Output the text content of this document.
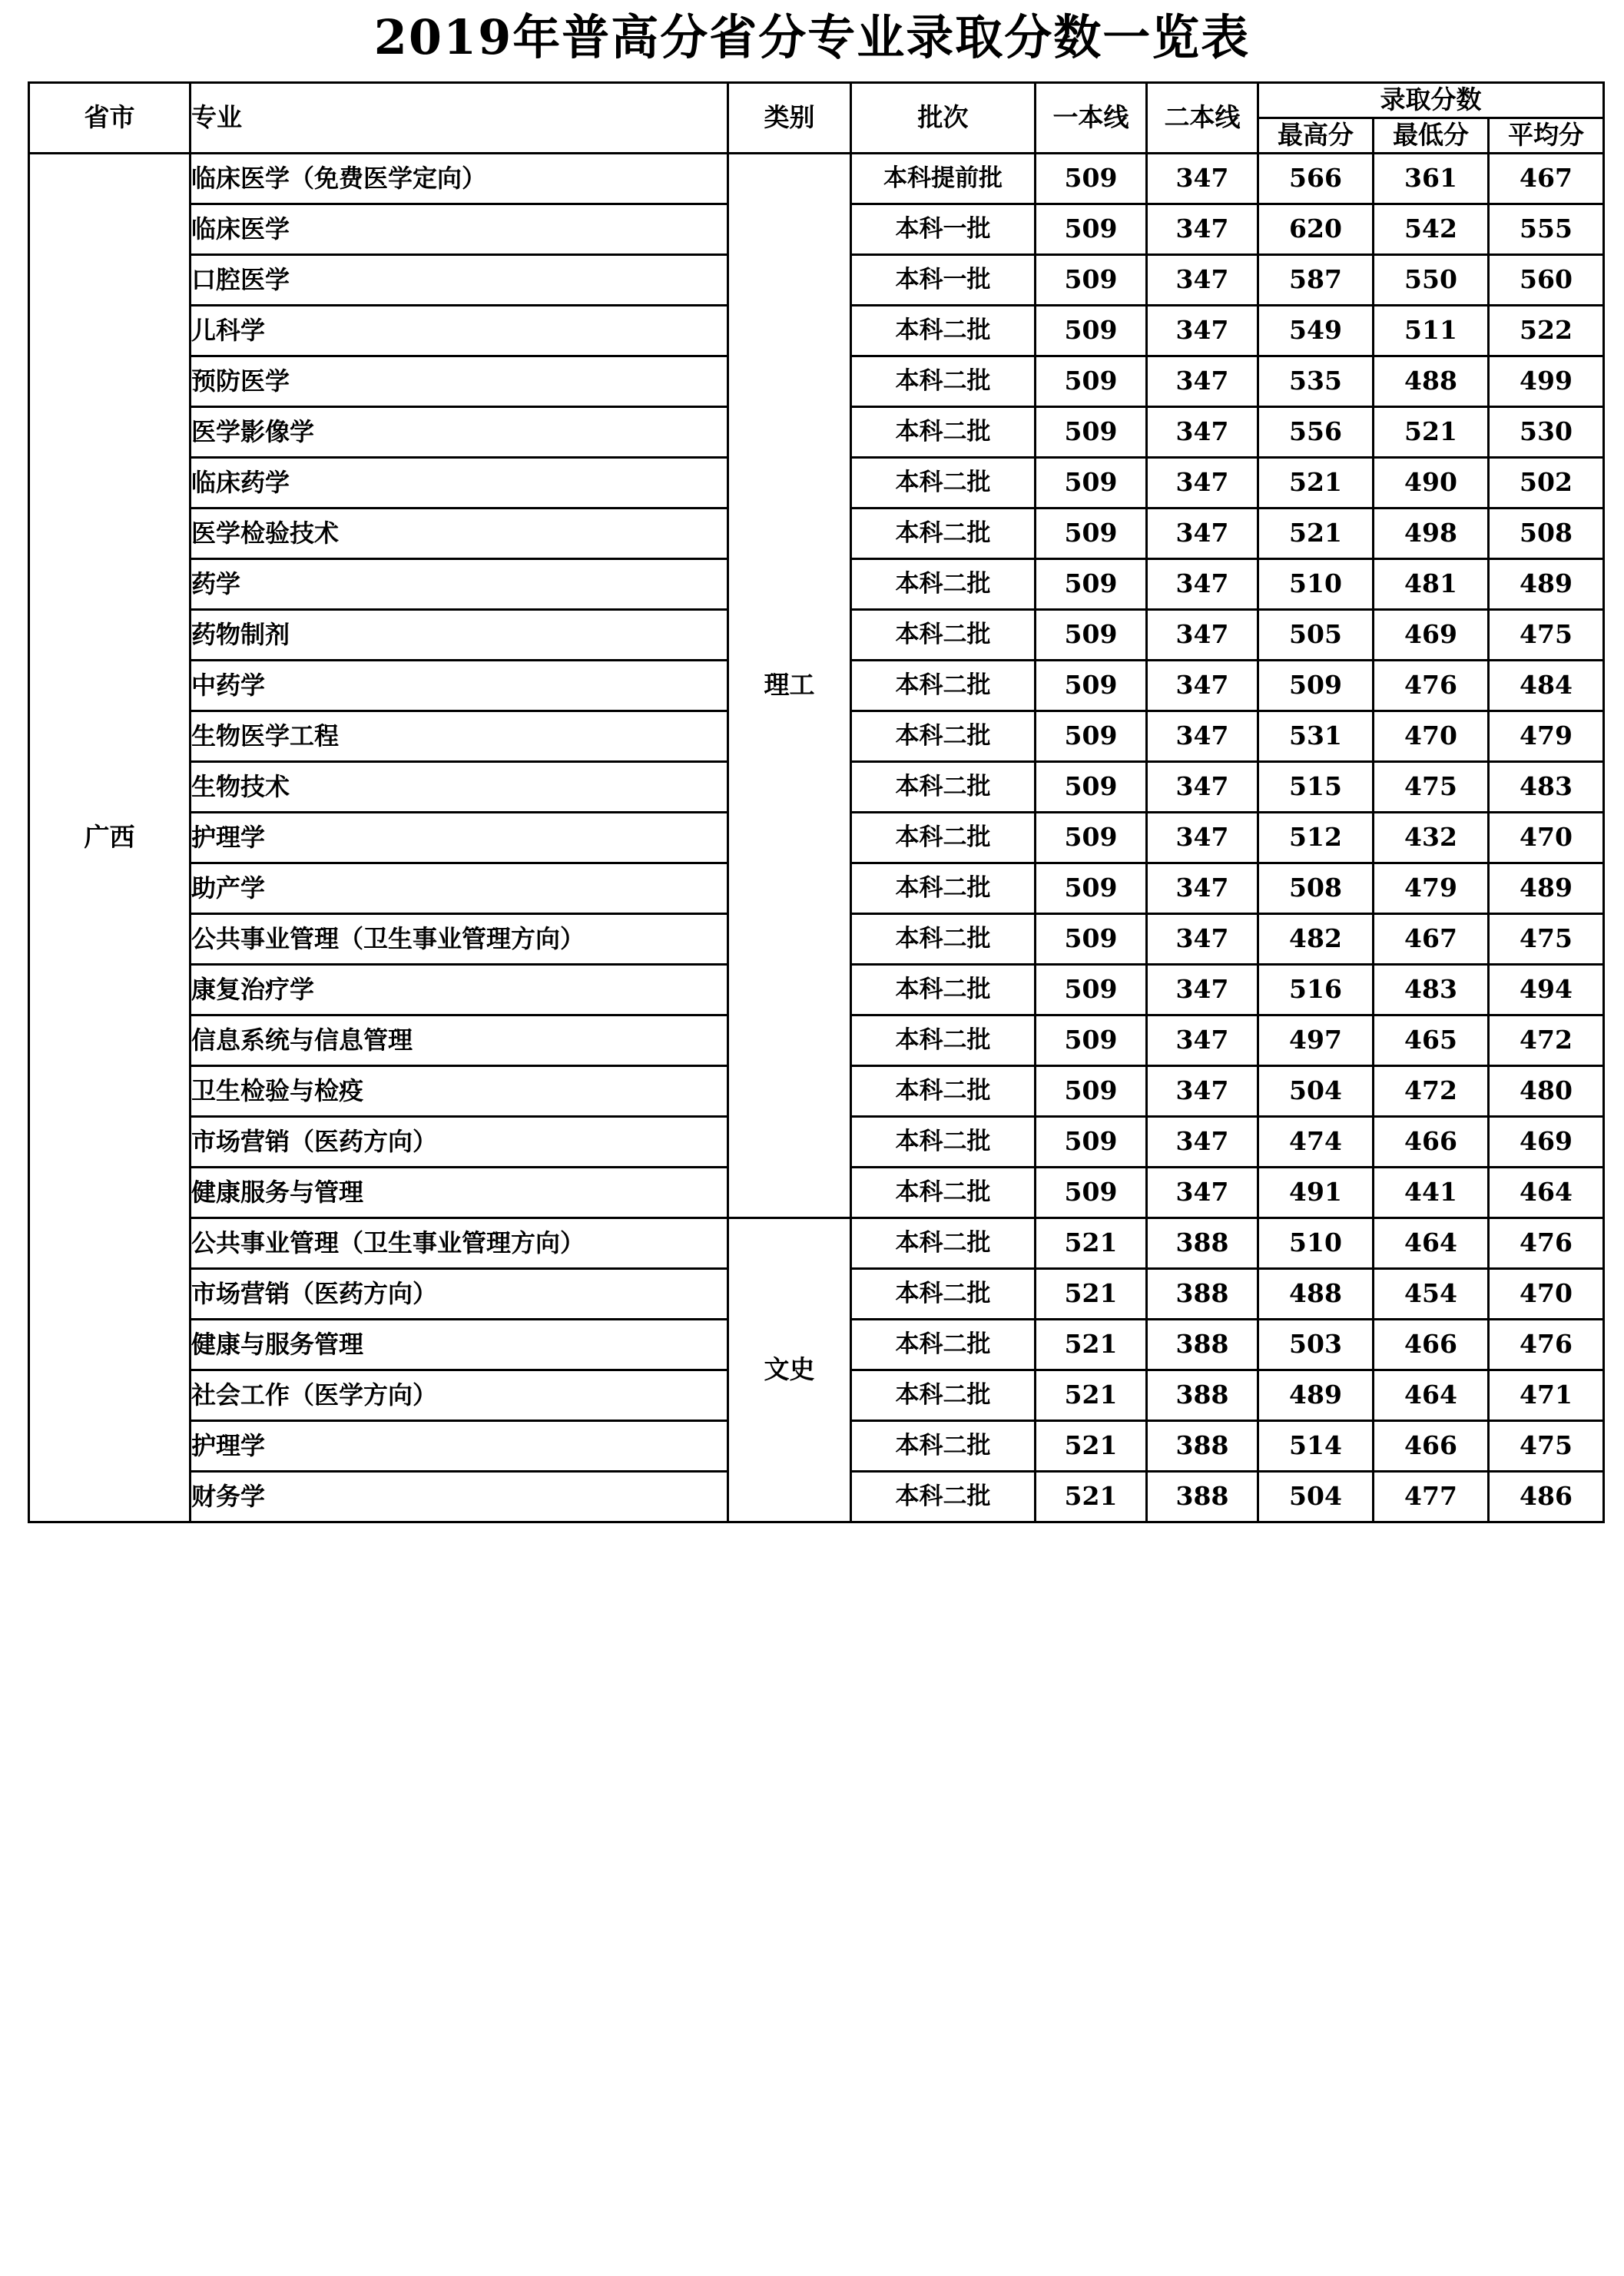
2019年普高分省分专业录取分数一览表
省市	专业	类别	批次	一本线	二本线	录取分数		
						最高分	最低分	平均分
广西	临床医学（免费医学定向）	理工	本科提前批	509	347	566	361	467
	临床医学		本科一批	509	347	620	542	555
	口腔医学		本科一批	509	347	587	550	560
	儿科学		本科二批	509	347	549	511	522
	预防医学		本科二批	509	347	535	488	499
	医学影像学		本科二批	509	347	556	521	530
	临床药学		本科二批	509	347	521	490	502
	医学检验技术		本科二批	509	347	521	498	508
	药学		本科二批	509	347	510	481	489
	药物制剂		本科二批	509	347	505	469	475
	中药学		本科二批	509	347	509	476	484
	生物医学工程		本科二批	509	347	531	470	479
	生物技术		本科二批	509	347	515	475	483
	护理学		本科二批	509	347	512	432	470
	助产学		本科二批	509	347	508	479	489
	公共事业管理（卫生事业管理方向）		本科二批	509	347	482	467	475
	康复治疗学		本科二批	509	347	516	483	494
	信息系统与信息管理		本科二批	509	347	497	465	472
	卫生检验与检疫		本科二批	509	347	504	472	480
	市场营销（医药方向）		本科二批	509	347	474	466	469
	健康服务与管理		本科二批	509	347	491	441	464
	公共事业管理（卫生事业管理方向）	文史	本科二批	521	388	510	464	476
	市场营销（医药方向）		本科二批	521	388	488	454	470
	健康与服务管理		本科二批	521	388	503	466	476
	社会工作（医学方向）		本科二批	521	388	489	464	471
	护理学		本科二批	521	388	514	466	475
	财务学		本科二批	521	388	504	477	486
